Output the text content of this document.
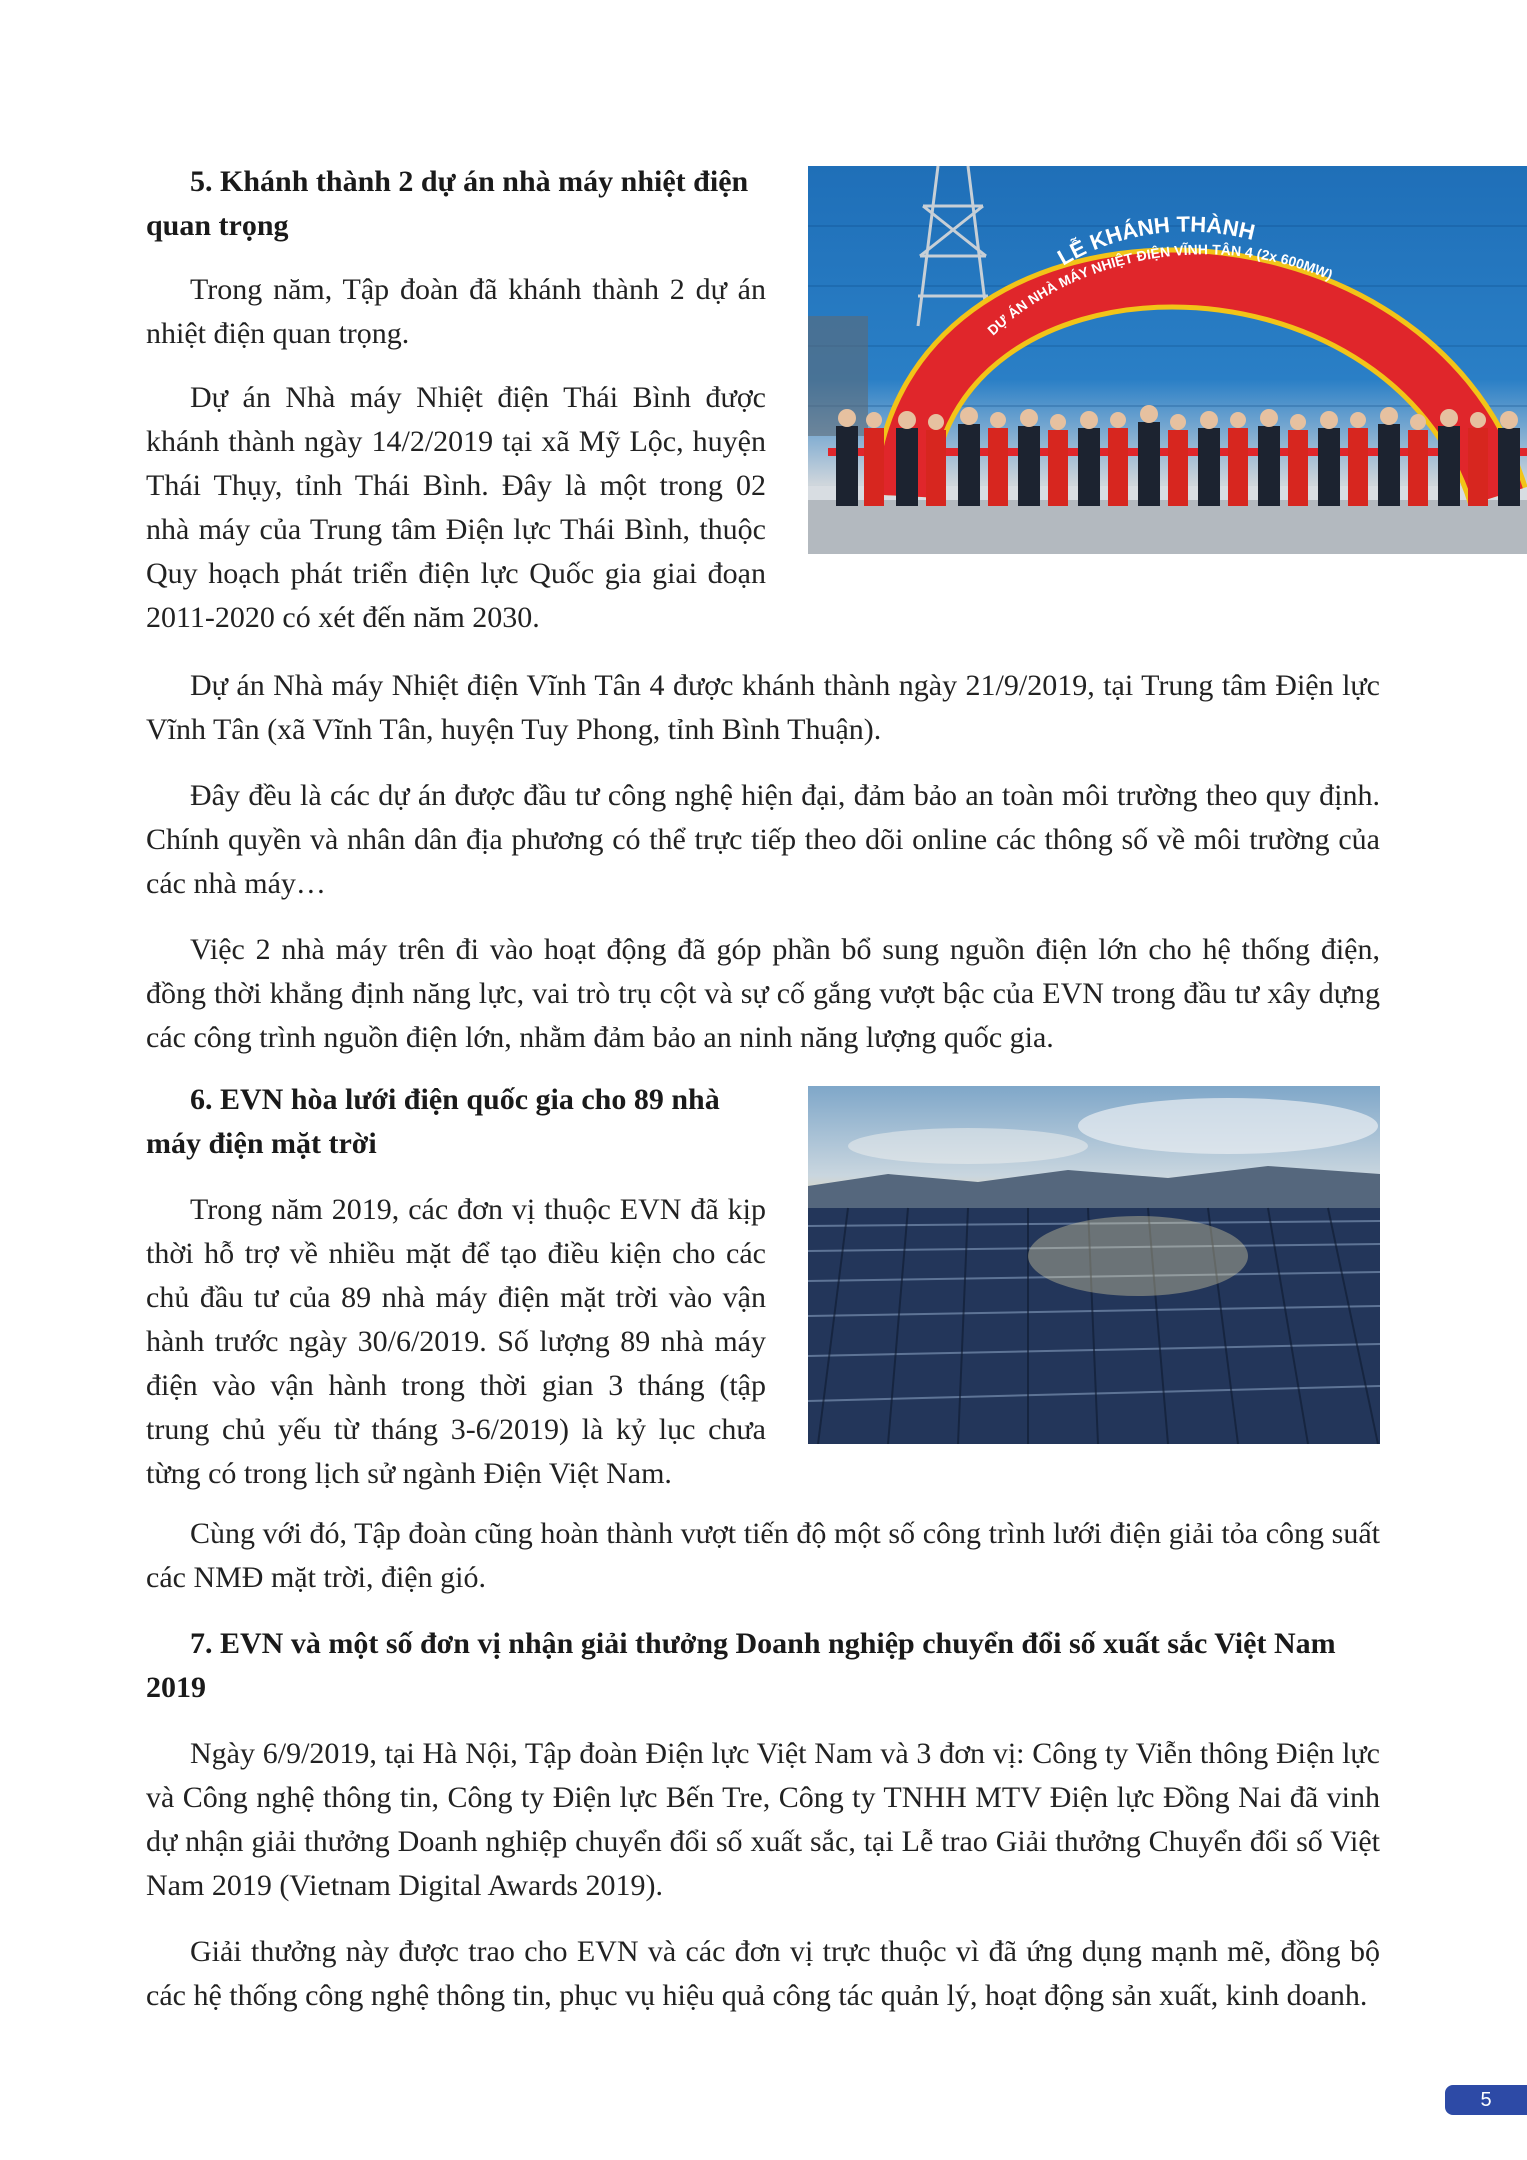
5. Khánh thành 2 dự án nhà máy nhiệt điện quan trọng

Trong năm, Tập đoàn đã khánh thành 2 dự án nhiệt điện quan trọng.

Dự án Nhà máy Nhiệt điện Thái Bình được khánh thành ngày 14/2/2019 tại xã Mỹ Lộc, huyện Thái Thụy, tỉnh Thái Bình. Đây là một trong 02 nhà máy của Trung tâm Điện lực Thái Bình, thuộc Quy hoạch phát triển điện lực Quốc gia giai đoạn 2011-2020 có xét đến năm 2030.

LỄ KHÁNH THÀNH
DỰ ÁN NHÀ MÁY NHIỆT ĐIỆN VĨNH TÂN 4 (2x 600MW)

Dự án Nhà máy Nhiệt điện Vĩnh Tân 4 được khánh thành ngày 21/9/2019, tại Trung tâm Điện lực Vĩnh Tân (xã Vĩnh Tân, huyện Tuy Phong, tỉnh Bình Thuận).

Đây đều là các dự án được đầu tư công nghệ hiện đại, đảm bảo an toàn môi trường theo quy định. Chính quyền và nhân dân địa phương có thể trực tiếp theo dõi online các thông số về môi trường của các nhà máy…

Việc 2 nhà máy trên đi vào hoạt động đã góp phần bổ sung nguồn điện lớn cho hệ thống điện, đồng thời khẳng định năng lực, vai trò trụ cột và sự cố gắng vượt bậc của EVN trong đầu tư xây dựng các công trình nguồn điện lớn, nhằm đảm bảo an ninh năng lượng quốc gia.

6. EVN hòa lưới điện quốc gia cho 89 nhà máy điện mặt trời

Trong năm 2019, các đơn vị thuộc EVN đã kịp thời hỗ trợ về nhiều mặt để tạo điều kiện cho các chủ đầu tư của 89 nhà máy điện mặt trời vào vận hành trước ngày 30/6/2019. Số lượng 89 nhà máy điện vào vận hành trong thời gian 3 tháng (tập trung chủ yếu từ tháng 3-6/2019) là kỷ lục chưa từng có trong lịch sử ngành Điện Việt Nam.

Cùng với đó, Tập đoàn cũng hoàn thành vượt tiến độ một số công trình lưới điện giải tỏa công suất các NMĐ mặt trời, điện gió.

7. EVN và một số đơn vị nhận giải thưởng Doanh nghiệp chuyển đổi số xuất sắc Việt Nam 2019

Ngày 6/9/2019, tại Hà Nội, Tập đoàn Điện lực Việt Nam và 3 đơn vị: Công ty Viễn thông Điện lực và Công nghệ thông tin, Công ty Điện lực Bến Tre, Công ty TNHH MTV Điện lực Đồng Nai đã vinh dự nhận giải thưởng Doanh nghiệp chuyển đổi số xuất sắc, tại Lễ trao Giải thưởng Chuyển đổi số Việt Nam 2019 (Vietnam Digital Awards 2019).

Giải thưởng này được trao cho EVN và các đơn vị trực thuộc vì đã ứng dụng mạnh mẽ, đồng bộ các hệ thống công nghệ thông tin, phục vụ hiệu quả công tác quản lý, hoạt động sản xuất, kinh doanh.

5
